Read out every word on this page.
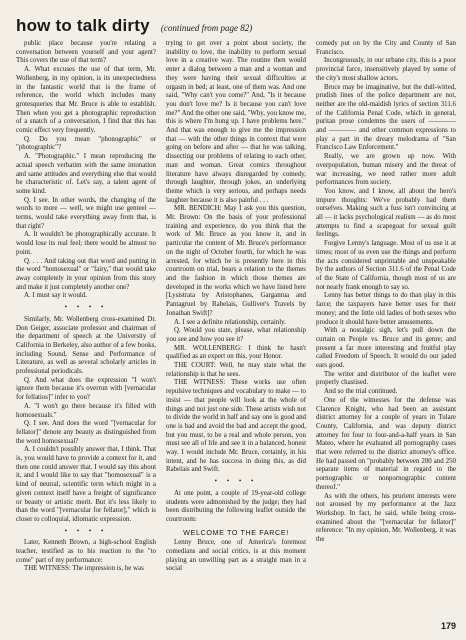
how to talk dirty (continued from page 82)

public place because you're relating a conversation between yourself and your agent? This covers the use of that term?

A. What excuses the use of that term, Mr. Wollenberg, in my opinion, is its unexpectedness in the fantastic world that is the frame of reference, the world which includes many grotesqueries that Mr. Bruce is able to establish. Then when you get a photographic reproduction of a snatch of a conversation, I find that this has comic effect very frequently.

Q. Do you mean "phonographic" or "photographic"?

A. "Photographic." I mean reproducing the actual speech verbatim with the same intonation and same attitudes and everything else that would be characteristic of. Let's say, a talent agent of some kind.

Q. I see. In other words, the changing of the words to more — well, we might use genteel — terms, would take everything away from that, is that right?

A. It wouldn't be photographically accurate. It would lose its real feel; there would be almost no point.

Q. . . . And taking out that word and putting in the word "homosexual" or "fairy," that would take away completely in your opinion from this story and make it just completely another one?

A. I must say it would.

• • • •

Similarly, Mr. Wollenberg cross-examined Dr. Don Geiger, associate professor and chairman of the department of speech at the University of California in Berkeley, also author of a few books, including Sound, Sense and Performance of Literature, as well as several scholarly articles in professional periodicals.

Q. And what does the expression "I won't ignore them because it's overrun with [vernacular for fellatios]" infer to you?

A. "I won't go there because it's filled with homosexuals."

Q. I see. And does the word "[vernacular for fellator]" denote any beauty as distinguished from the word homosexual?

A. I couldn't possibly answer that, I think. That is, you would have to provide a context for it, and then one could answer that. I would say this about it, and I would like to say that "homosexual" is a kind of neutral, scientific term which might in a given context itself have a freight of significance or beauty or artistic merit. But it's less likely to than the word "[vernacular for fellator]," which is closer to colloquial, idiomatic expression.

• • • •

Later, Kenneth Brown, a high-school English teacher, testified as to his reaction to the "to come" part of my performance:

THE WITNESS: The impression is, he was

trying to get over a point about society, the inability to love, the inability to perform sexual love in a creative way. The routine then would enter a dialog between a man and a woman and they were having their sexual difficulties at orgasm in bed; at least, one of them was. And one said, "Why can't you come?" And, "Is it because you don't love me? Is it because you can't love me?" And the other one said, "Why, you know me, this is where I'm hung up. I have problems here." And that was enough to give me the impression that — with the other things in context that were going on before and after — that he was talking, dissecting our problems of relating to each other, man and woman. Great comics throughout literature have always disregarded by comedy, through laughter, through jokes, an underlying theme which is very serious, and perhaps needs laughter because it is also painful . . .

MR. BENDICH: May I ask you this question, Mr. Brown: On the basis of your professional training and experience, do you think that the work of Mr. Bruce as you know it, and in particular the content of Mr. Bruce's performance on the night of October fourth, for which he was arrested, for which he is presently here in this courtroom on trial, bears a relation to the themes and the fashion in which those themes are developed in the works which we have listed here [Lysistrata by Aristophanes, Gargantua and Pantagruel by Rabelais, Gulliver's Travels by Jonathan Swift]?

A. I see a definite relationship, certainly.

Q. Would you state, please, what relationship you see and how you see it?

MR. WOLLENBERG: I think he hasn't qualified as an expert on this, your Honor.

THE COURT: Well, he may state what the relationship is that he sees.

THE WITNESS: These works use often repulsive techniques and vocabulary to make — to insist — that people will look at the whole of things and not just one side. These artists wish not to divide the world in half and say one is good and one is bad and avoid the bad and accept the good, but you must, to be a real and whole person, you must see all of life and see it in a balanced, honest way. I would include Mr. Bruce, certainly, in his intent, and he has success in doing this, as did Rabelais and Swift.

• • • •

At one point, a couple of 19-year-old college students were admonished by the judge; they had been distributing the following leaflet outside the courtroom:

WELCOME TO THE FARCE!

Lenny Bruce, one of America's foremost comedians and social critics, is at this moment playing an unwilling part as a straight man in a social

comedy put on by the City and County of San Francisco.

Incongruously, in our urbane city, this is a poor provincial farce, insensitively played by some of the city's most shallow actors.

Bruce may be imaginative, but the dull-witted, prudish lines of the police department are not, neither are the old-maidish lyrics of section 311.6 of the California Penal Code, which in general, puritan prose condemns the users of ———— and ———— and other common expressions to play a part in the dreary melodrama of "San Francisco Law Enforcement."

Really, we are grown up now. With overpopulation, human misery and the threat of war increasing, we need rather more adult performances from society.

You know, and I know, all about the hero's impure thoughts: We've probably had them ourselves. Making such a fuss isn't convincing at all — it lacks psychological realism — as do most attempts to find a scapegoat for sexual guilt feelings.

Forgive Lenny's language. Most of us use it at times; most of us even use the things and perform the acts considered unprintable and unspeakable by the authors of Section 311.6 of the Penal Code of the State of California, though most of us are not nearly frank enough to say so.

Lenny has better things to do than play in this farce; the taxpayers have better uses for their money; and the little old ladies of both sexes who produce it should have better amusements.

With a nostalgic sigh, let's pull down the curtain on People vs. Bruce and its genre; and present a far more interesting and fruitful play called Freedom of Speech. It would do our jaded ears good.

The writer and distributor of the leaflet were properly chastised.

And so the trial continued.

One of the witnesses for the defense was Clarence Knight, who had been an assistant district attorney for a couple of years in Tulare County, California, and was deputy district attorney for four to four-and-a-half years in San Mateo, where he evaluated all pornography cases that were referred to the district attorney's office. He had passed on "probably between 200 and 250 separate items of material in regard to the pornographic or nonpornographic content thereof."

As with the others, his prurient interests were not aroused by my performance at the Jazz Workshop. In fact, he said, while being cross-examined about the "[vernacular for fellator]" reference: "In my opinion, Mr. Wollenberg, it was the

179
